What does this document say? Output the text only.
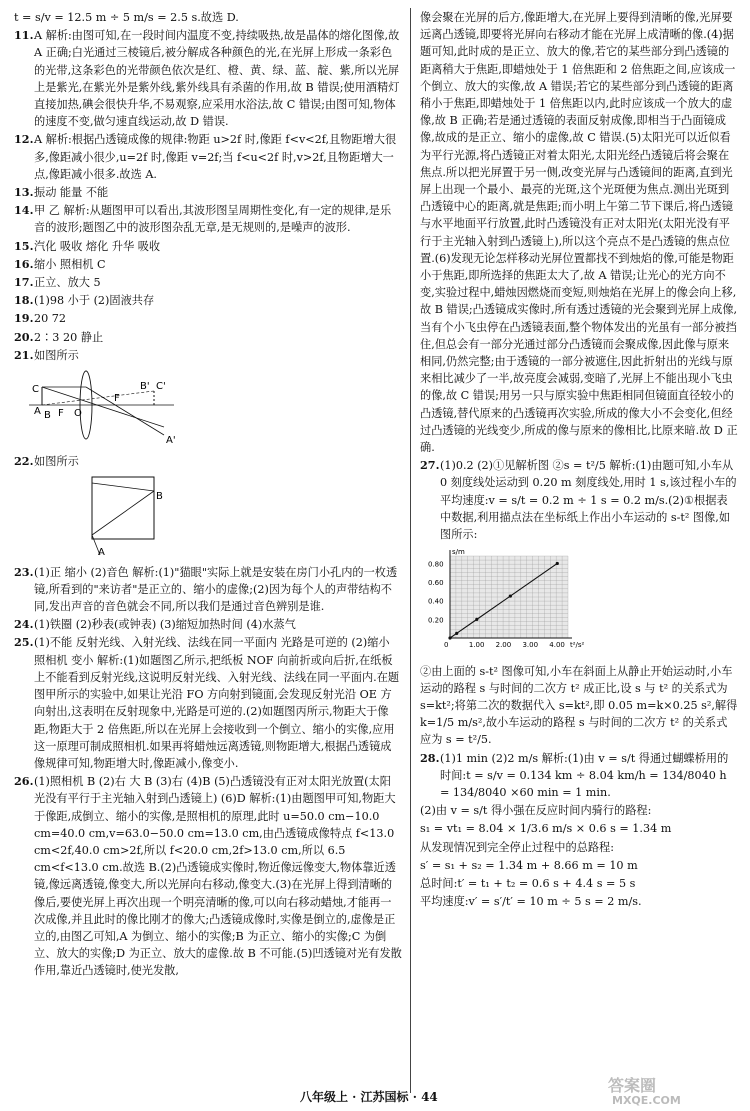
t = s/v = 12.5 m ÷ 5 m/s = 2.5 s.故选 D.

11.A 解析:由图可知,在一段时间内温度不变,持续吸热,故是晶体的熔化图像,故 A 正确;白光通过三棱镜后,被分解成各种颜色的光,在光屏上形成一条彩色的光带,这条彩色的光带颜色依次是红、橙、黄、绿、蓝、靛、紫,所以光屏上是紫光,在紫光外是紫外线,紫外线具有杀菌的作用,故 B 错误;使用酒精灯直接加热,碘会很快升华,不易观察,应采用水浴法,故 C 错误;由图可知,物体的速度不变,做匀速直线运动,故 D 错误.

12.A 解析:根据凸透镜成像的规律:物距 u>2f 时,像距 f<v<2f,且物距增大很多,像距减小很少,u=2f 时,像距 v=2f;当 f<u<2f 时,v>2f,且物距增大一点,像距减小很多.故选 A.

13.振动 能量 不能

14.甲 乙 解析:从题图甲可以看出,其波形图呈周期性变化,有一定的规律,是乐音的波形;题图乙中的波形图杂乱无章,是无规则的,是噪声的波形.

15.汽化 吸收 熔化 升华 吸收

16.缩小 照相机 C

17.正立、放大 5

18.(1)98 小于 (2)固液共存

19.20 72

20.2∶3 20 静止

21.如图所示

C
A B F O
F
B' C'
A'

22.如图所示

B
A

23.(1)正 缩小 (2)音色 解析:(1)"猫眼"实际上就是安装在房门小孔内的一枚透镜,所看到的"来访者"是正立的、缩小的虚像;(2)因为每个人的声带结构不同,发出声音的音色就会不同,所以我们是通过音色辨别是谁.

24.(1)铁圈 (2)秒表(或钟表) (3)缩短加热时间 (4)水蒸气

25.(1)不能 反射光线、入射光线、法线在同一平面内 光路是可逆的 (2)缩小 照相机 变小 解析:(1)如题图乙所示,把纸板 NOF 向前折或向后折,在纸板上不能看到反射光线,这说明反射光线、入射光线、法线在同一平面内.在题图甲所示的实验中,如果让光沿 FO 方向射到镜面,会发现反射光沿 OE 方向射出,这表明在反射现象中,光路是可逆的.(2)如题图丙所示,物距大于像距,物距大于 2 倍焦距,所以在光屏上会接收到一个倒立、缩小的实像,应用这一原理可制成照相机.如果再将蜡烛远离透镜,则物距增大,根据凸透镜成像规律可知,物距增大时,像距减小,像变小.

26.(1)照相机 B (2)右 大 B (3)右 (4)B (5)凸透镜没有正对太阳光放置(太阳光没有平行于主光轴入射到凸透镜上) (6)D 解析:(1)由题图甲可知,物距大于像距,成倒立、缩小的实像,是照相机的原理,此时 u=50.0 cm−10.0 cm=40.0 cm,v=63.0−50.0 cm=13.0 cm,由凸透镜成像特点 f<13.0 cm<2f,40.0 cm>2f,所以 f<20.0 cm,2f>13.0 cm,所以 6.5 cm<f<13.0 cm.故选 B.(2)凸透镜成实像时,物近像远像变大,物体靠近透镜,像远离透镜,像变大,所以光屏向右移动,像变大.(3)在光屏上得到清晰的像后,要使光屏上再次出现一个明亮清晰的像,可以向右移动蜡烛,才能再一次成像,并且此时的像比刚才的像大;凸透镜成像时,实像是倒立的,虚像是正立的,由图乙可知,A 为倒立、缩小的实像;B 为正立、缩小的实像;C 为倒立、放大的实像;D 为正立、放大的虚像.故 B 不可能.(5)凹透镜对光有发散作用,靠近凸透镜时,使光发散,

像会聚在光屏的后方,像距增大,在光屏上要得到清晰的像,光屏要远离凸透镜,即要将光屏向右移动才能在光屏上成清晰的像.(4)据题可知,此时成的是正立、放大的像,若它的某些部分到凸透镜的距离稍大于焦距,即蜡烛处于 1 倍焦距和 2 倍焦距之间,应该成一个倒立、放大的实像,故 A 错误;若它的某些部分到凸透镜的距离稍小于焦距,即蜡烛处于 1 倍焦距以内,此时应该成一个放大的虚像,故 B 正确;若是通过透镜的表面反射成像,即相当于凸面镜成像,故成的是正立、缩小的虚像,故 C 错误.(5)太阳光可以近似看为平行光源,将凸透镜正对着太阳光,太阳光经凸透镜后将会聚在焦点.所以把光屏置于另一侧,改变光屏与凸透镜间的距离,直到光屏上出现一个最小、最亮的光斑,这个光斑便为焦点.测出光斑到凸透镜中心的距离,就是焦距;而小明上午第二节下课后,将凸透镜与水平地面平行放置,此时凸透镜没有正对太阳光(太阳光没有平行于主光轴入射到凸透镜上),所以这个亮点不是凸透镜的焦点位置.(6)发现无论怎样移动光屏位置都找不到烛焰的像,可能是物距小于焦距,即所选择的焦距太大了,故 A 错误;让光心的光方向不变,实验过程中,蜡烛因燃烧而变短,则烛焰在光屏上的像会向上移,故 B 错误;凸透镜成实像时,所有透过透镜的光会聚到光屏上成像,当有个小飞虫停在凸透镜表面,整个物体发出的光虽有一部分被挡住,但总会有一部分光通过部分凸透镜而会聚成像,因此像与原来相同,仍然完整;由于透镜的一部分被遮住,因此折射出的光线与原来相比减少了一半,故亮度会减弱,变暗了,光屏上不能出现小飞虫的像,故 C 错误;用另一只与原实验中焦距相同但镜面直径较小的凸透镜,替代原来的凸透镜再次实验,所成的像大小不会变化,但经过凸透镜的光线变少,所成的像与原来的像相比,比原来暗.故 D 正确.

27.(1)0.2 (2)①见解析图 ②s = t²/5 解析:(1)由题可知,小车从 0 刻度线处运动到 0.20 m 刻度线处,用时 1 s,该过程小车的平均速度:v = s/t = 0.2 m ÷ 1 s = 0.2 m/s.(2)①根据表中数据,利用描点法在坐标纸上作出小车运动的 s-t² 图像,如图所示:

1.00 2.00 3.00 4.00
0.20
0.40
0.60
0.80
0
s/m
t²/s²

②由上面的 s-t² 图像可知,小车在斜面上从静止开始运动时,小车运动的路程 s 与时间的二次方 t² 成正比,设 s 与 t² 的关系式为 s=kt²;将第二次的数据代入 s=kt²,即 0.05 m=k×0.25 s²,解得 k=1/5 m/s²,故小车运动的路程 s 与时间的二次方 t² 的关系式应为 s = t²/5.

28.(1)1 min (2)2 m/s 解析:(1)由 v = s/t 得通过蝴蝶桥用的时间:t = s/v = 0.134 km ÷ 8.04 km/h = 134/8040 h = 134/8040 ×60 min = 1 min.

(2)由 v = s/t 得小强在反应时间内骑行的路程:

s₁ = vt₁ = 8.04 × 1/3.6 m/s × 0.6 s = 1.34 m

从发现情况到完全停止过程中的总路程:

s′ = s₁ + s₂ = 1.34 m + 8.66 m = 10 m

总时间:t′ = t₁ + t₂ = 0.6 s + 4.4 s = 5 s

平均速度:v′ = s′/t′ = 10 m ÷ 5 s = 2 m/s.

八年级上 · 江苏国标 · 44
答案圈
MXQE.COM
